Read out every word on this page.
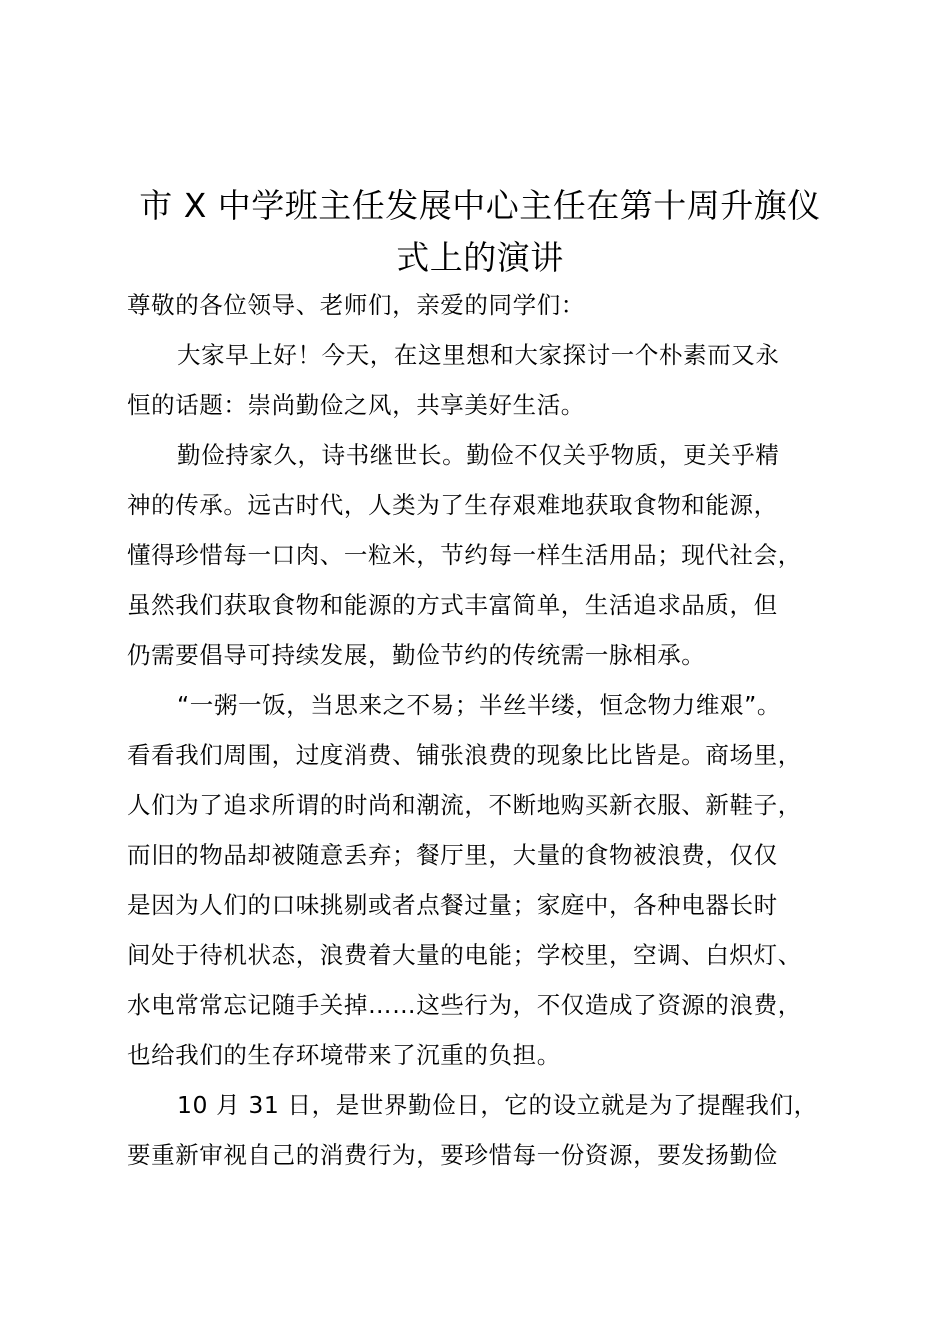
市 X 中学班主任发展中心主任在第十周升旗仪
式上的演讲
尊敬的各位领导、老师们，亲爱的同学们：
大家早上好！今天，在这里想和大家探讨一个朴素而又永
恒的话题：崇尚勤俭之风，共享美好生活。
勤俭持家久，诗书继世长。勤俭不仅关乎物质，更关乎精
神的传承。远古时代，人类为了生存艰难地获取食物和能源，
懂得珍惜每一口肉、一粒米，节约每一样生活用品；现代社会，
虽然我们获取食物和能源的方式丰富简单，生活追求品质，但
仍需要倡导可持续发展，勤俭节约的传统需一脉相承。
“一粥一饭，当思来之不易；半丝半缕，恒念物力维艰”。
看看我们周围，过度消费、铺张浪费的现象比比皆是。商场里，
人们为了追求所谓的时尚和潮流，不断地购买新衣服、新鞋子，
而旧的物品却被随意丢弃；餐厅里，大量的食物被浪费，仅仅
是因为人们的口味挑剔或者点餐过量；家庭中，各种电器长时
间处于待机状态，浪费着大量的电能；学校里，空调、白炽灯、
水电常常忘记随手关掉……这些行为，不仅造成了资源的浪费，
也给我们的生存环境带来了沉重的负担。
10 月 31 日，是世界勤俭日，它的设立就是为了提醒我们，
要重新审视自己的消费行为，要珍惜每一份资源，要发扬勤俭
